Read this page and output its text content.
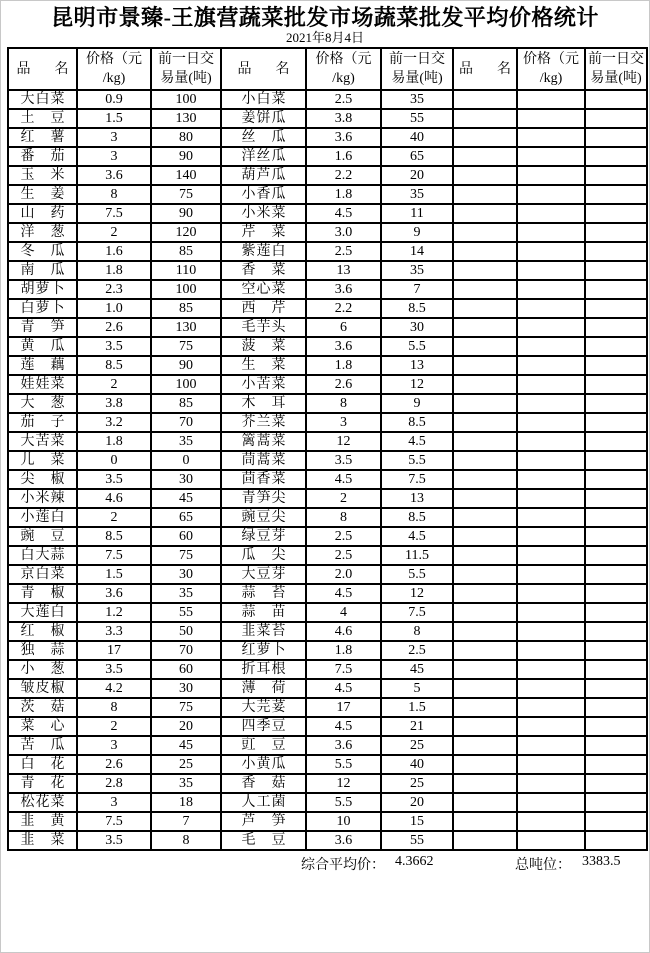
昆明市景臻-王旗营蔬菜批发市场蔬菜批发平均价格统计
2021年8月4日
品名	价格（元
/kg)	前一日交
易量(吨)	品名	价格（元
/kg)	前一日交
易量(吨)	品名	价格（元
/kg)	前一日交
易量(吨)

大白菜	0.9	100	小白菜	2.5	35			
土豆	1.5	130	姜饼瓜	3.8	55			
红薯	3	80	丝瓜	3.6	40			
番茄	3	90	洋丝瓜	1.6	65			
玉米	3.6	140	葫芦瓜	2.2	20			
生姜	8	75	小香瓜	1.8	35			
山药	7.5	90	小米菜	4.5	11			
洋葱	2	120	芹菜	3.0	9			
冬瓜	1.6	85	紫莲白	2.5	14			
南瓜	1.8	110	香菜	13	35			
胡萝卜	2.3	100	空心菜	3.6	7			
白萝卜	1.0	85	西芹	2.2	8.5			
青笋	2.6	130	毛芋头	6	30			
黄瓜	3.5	75	菠菜	3.6	5.5			
莲藕	8.5	90	生菜	1.8	13			
娃娃菜	2	100	小苦菜	2.6	12			
大葱	3.8	85	木耳	8	9			
茄子	3.2	70	芥兰菜	3	8.5			
大苦菜	1.8	35	篱蒿菜	12	4.5			
儿菜	0	0	茼蒿菜	3.5	5.5			
尖椒	3.5	30	茴香菜	4.5	7.5			
小米辣	4.6	45	青笋尖	2	13			
小莲白	2	65	豌豆尖	8	8.5			
豌豆	8.5	60	绿豆芽	2.5	4.5			
白大蒜	7.5	75	瓜尖	2.5	11.5			
京白菜	1.5	30	大豆芽	2.0	5.5			
青椒	3.6	35	蒜苔	4.5	12			
大莲白	1.2	55	蒜苗	4	7.5			
红椒	3.3	50	韭菜苔	4.6	8			
独蒜	17	70	红萝卜	1.8	2.5			
小葱	3.5	60	折耳根	7.5	45			
皱皮椒	4.2	30	薄荷	4.5	5			
茨菇	8	75	大芫荽	17	1.5			
菜心	2	20	四季豆	4.5	21			
苦瓜	3	45	豇豆	3.6	25			
白花	2.6	25	小黄瓜	5.5	40			
青花	2.8	35	香菇	12	25			
松花菜	3	18	人工菌	5.5	20			
韭黄	7.5	7	芦笋	10	15			
韭菜	3.5	8	毛豆	3.6	55			
综合平均价： 4.3662	总吨位： 3383.5
